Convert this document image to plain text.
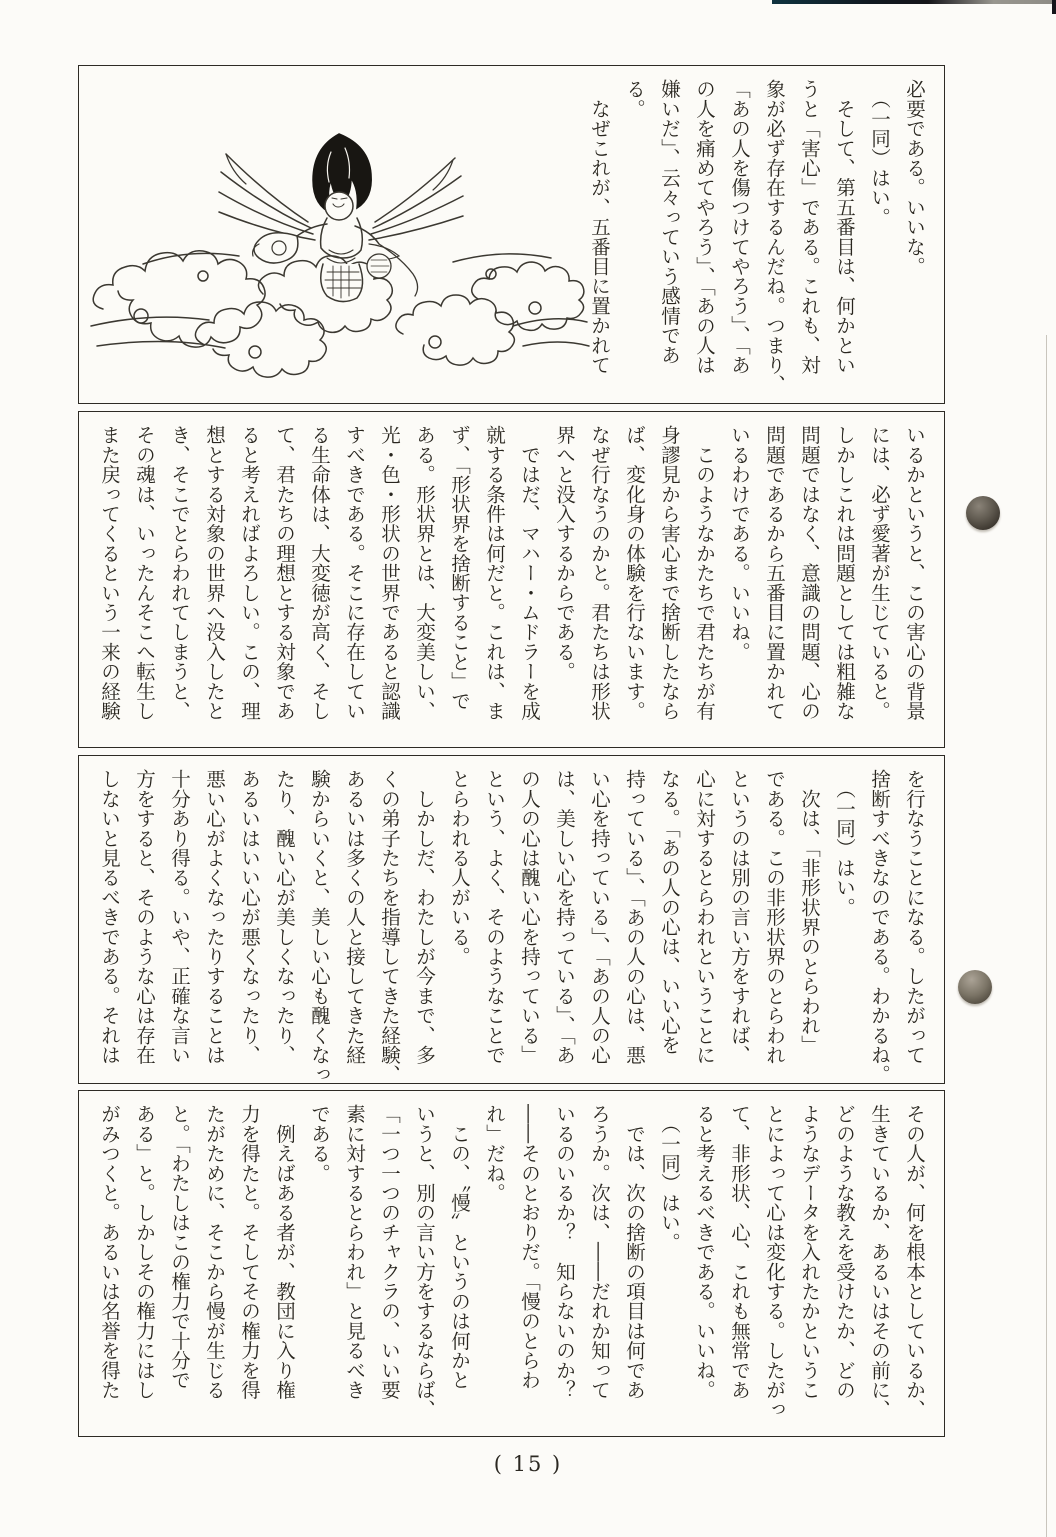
必要である。いいな。
　（一同）はい。
　そして、第五番目は、何かとい
うと「害心」である。これも、対
象が必ず存在するんだね。つまり、
「あの人を傷つけてやろう」、「あ
の人を痛めてやろう」、「あの人は
嫌いだ」、云々っていう感情であ
る。
　なぜこれが、五番目に置かれて
いるかというと、この害心の背景
には、必ず愛著が生じていると。
しかしこれは問題としては粗雑な
問題ではなく、意識の問題、心の
問題であるから五番目に置かれて
いるわけである。いいね。
　このようなかたちで君たちが有
身謬見から害心まで捨断したなら
ば、変化身の体験を行ないます。
なぜ行なうのかと。君たちは形状
界へと没入するからである。
　ではだ、マハー・ムドラーを成
就する条件は何だと。これは、ま
ず、「形状界を捨断すること」で
ある。形状界とは、大変美しい、
光・色・形状の世界であると認識
すべきである。そこに存在してい
る生命体は、大変徳が高く、そし
て、君たちの理想とする対象であ
ると考えればよろしい。この、理
想とする対象の世界へ没入したと
き、そこでとらわれてしまうと、
その魂は、いったんそこへ転生し
また戻ってくるという一来の経験
を行なうことになる。したがって
捨断すべきなのである。わかるね。
　（一同）はい。
　次は、「非形状界のとらわれ」
である。この非形状界のとらわれ
というのは別の言い方をすれば、
心に対するとらわれということに
なる。「あの人の心は、いい心を
持っている」、「あの人の心は、悪
い心を持っている」、「あの人の心
は、美しい心を持っている」、「あ
の人の心は醜い心を持っている」
という、よく、そのようなことで
とらわれる人がいる。
　しかしだ、わたしが今まで、多
くの弟子たちを指導してきた経験、
あるいは多くの人と接してきた経
験からいくと、美しい心も醜くなっ
たり、醜い心が美しくなったり、
あるいはいい心が悪くなったり、
悪い心がよくなったりすることは
十分あり得る。いや、正確な言い
方をすると、そのような心は存在
しないと見るべきである。それは
その人が、何を根本としているか、
生きているか、あるいはその前に、
どのような教えを受けたか、どの
ようなデータを入れたかというこ
とによって心は変化する。したがっ
て、非形状、心、これも無常であ
ると考えるべきである。いいね。
　（一同）はい。
　では、次の捨断の項目は何であ
ろうか。次は、――だれか知って
いるのいるか？　知らないのか？
――そのとおりだ。「慢のとらわ
れ」だね。
　この、〝慢〟というのは何かと
いうと、別の言い方をするならば、
「一つ一つのチャクラの、いい要
素に対するとらわれ」と見るべき
である。
　例えばある者が、教団に入り権
力を得たと。そしてその権力を得
たがために、そこから慢が生じる
と。「わたしはこの権力で十分で
ある」と。しかしその権力にはし
がみつくと。あるいは名誉を得た
( 15 )
